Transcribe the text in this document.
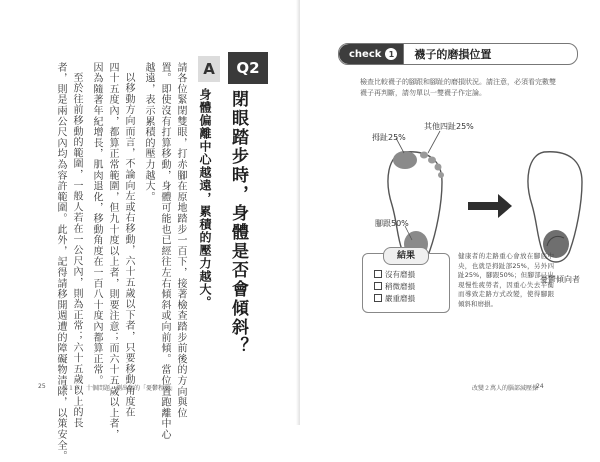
Q2
閉眼踏步時，身體是否會傾斜？
A
身體偏離中心越遠，累積的壓力越大。
請各位緊閉雙眼，打赤腳在原地踏步一百下，接著檢查踏步前後的方向與位
置。即使沒有打算移動，身體可能也已經往左右傾斜或向前傾。當位置跑離中心
越遠，表示累積的壓力越大。
以移動方向而言，不論向左或右移動，六十五歲以下者，只要移動角度在
四十五度內，都算正常範圍，但九十度以上者，則要注意；而六十五歲以上者，
因為隨著年紀增長，肌肉退化，移動角度在一百八十度內都算正常。
至於往前移動的範圍，一般人若在一公尺內，則為正常；六十五歲以上的長
者，則是兩公尺內均為容許範圍。此外，記得請移開週遭的障礙物清除，以策安全。
25	第１章　十個問題，測出你的「憂鬱程度」
check 1 襪子的磨損位置
檢查比較襪子的腳跟和腳趾的磨損狀況。請注意，必須看完數雙襪子再判斷，請勿單以一雙襪子作定論。
拇趾25%
其他四趾25%
腳跟50%
憂鬱傾向者
結果
沒有磨損
稍微磨損
嚴重磨損
健康者的走路重心會放在腳底中央，也就是拇趾部25%，另外四趾25%，腳跟50%；但腳部已出現慢性疲勞者，因重心失去平衡而導致走路方式改變，使得腳跟傾斜和磨損。
改變２萬人的腦部減壓操
24
